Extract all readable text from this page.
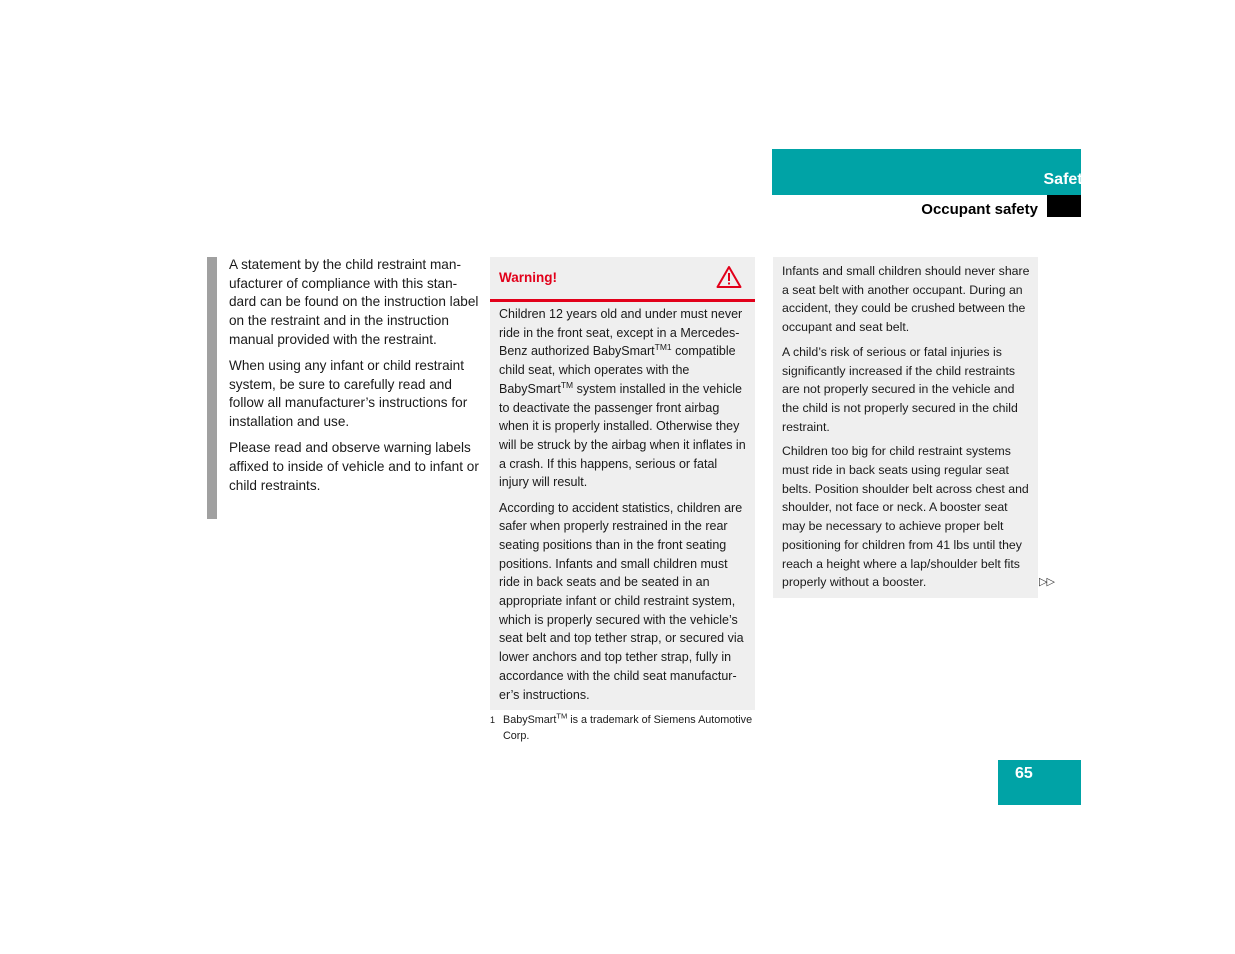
Safety and Security
Occupant safety

A statement by the child restraint manufacturer of compliance with this standard can be found on the instruction label on the restraint and in the instruction manual provided with the restraint.

When using any infant or child restraint system, be sure to carefully read and follow all manufacturer’s instructions for installation and use.

Please read and observe warning labels affixed to inside of vehicle and to infant or child restraints.

Warning!

Children 12 years old and under must never ride in the front seat, except in a Mercedes-Benz authorized BabySmart$^{TM1}$ compatible child seat, which operates with the BabySmart™ system installed in the vehicle to deactivate the passenger front airbag when it is properly installed. Otherwise they will be struck by the airbag when it inflates in a crash. If this happens, serious or fatal injury will result.

According to accident statistics, children are safer when properly restrained in the rear seating positions than in the front seating positions. Infants and small children must ride in back seats and be seated in an appropriate infant or child restraint system, which is properly secured with the vehicle’s seat belt and top tether strap, or secured via lower anchors and top tether strap, fully in accordance with the child seat manufacturer’s instructions.

1 BabySmart™ is a trademark of Siemens Automotive Corp.

Infants and small children should never share a seat belt with another occupant. During an accident, they could be crushed between the occupant and seat belt.

A child’s risk of serious or fatal injuries is significantly increased if the child restraints are not properly secured in the vehicle and the child is not properly secured in the child restraint.

Children too big for child restraint systems must ride in back seats using regular seat belts. Position shoulder belt across chest and shoulder, not face or neck. A booster seat may be necessary to achieve proper belt positioning for children from 41 lbs until they reach a height where a lap/shoulder belt fits properly without a booster.	▷▷
65
